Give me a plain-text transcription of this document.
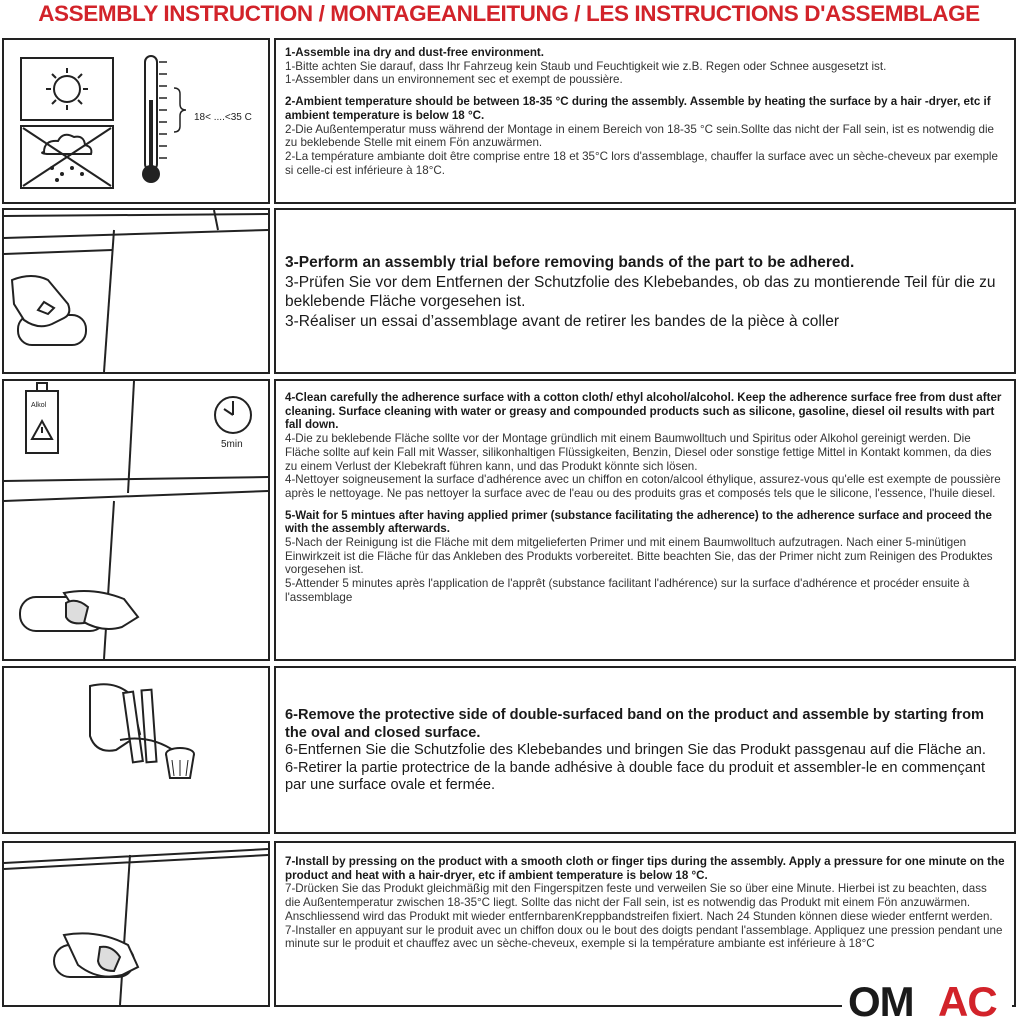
ASSEMBLY INSTRUCTION / MONTAGEANLEITUNG / LES INSTRUCTIONS D'ASSEMBLAGE
18< ....<35 C

1-Assemble ina dry and dust-free environment.

1-Bitte achten Sie darauf, dass Ihr Fahrzeug kein Staub und Feuchtigkeit wie z.B. Regen oder Schnee ausgesetzt ist.

1-Assembler dans un environnement sec et exempt de poussière.

2-Ambient temperature should be between 18-35 °C during the assembly. Assemble by heating the surface by a hair -dryer, etc if ambient temperature is below 18 °C.

2-Die Außentemperatur muss während der Montage in einem Bereich von 18-35 °C sein.Sollte das nicht der Fall sein, ist es notwendig die zu beklebende Stelle mit einem Fön anzuwärmen.

2-La température ambiante doit être comprise entre 18 et 35°C lors d'assemblage, chauffer la surface avec un sèche-cheveux par exemple si celle-ci est inférieure à 18°C.

3-Perform an assembly trial before removing bands of the part to be adhered.

3-Prüfen Sie vor dem Entfernen der Schutzfolie des Klebebandes, ob das zu montierende Teil für die zu beklebende Fläche vorgesehen ist.

3-Réaliser un essai d’assemblage avant de retirer les bandes de la pièce à coller

Alkol
5min

4-Clean carefully the adherence surface with a cotton cloth/ ethyl alcohol/alcohol. Keep the adherence surface free from dust after cleaning. Surface cleaning with water or greasy and compounded products such as silicone, gasoline, diesel oil results with part fall down.

4-Die zu beklebende Fläche sollte vor der Montage gründlich mit einem Baumwolltuch und Spiritus oder Alkohol gereinigt werden. Die Fläche sollte auf kein Fall mit Wasser, silikonhaltigen Flüssigkeiten, Benzin, Diesel oder sonstige fettige Mittel in Kontakt kommen, da dies zu einem Verlust der Klebekraft führen kann, und das Produkt könnte sich lösen.

4-Nettoyer soigneusement la surface d'adhérence avec un chiffon en coton/alcool éthylique, assurez-vous qu'elle est exempte de poussière après le nettoyage. Ne pas nettoyer la surface avec de l'eau ou des produits gras et composés tels que le silicone, l'essence, l'huile diesel.

5-Wait for 5 mintues after having applied primer (substance facilitating the adherence) to the adherence surface and proceed the with the assembly afterwards.

5-Nach der Reinigung ist die Fläche mit dem mitgelieferten Primer und mit einem Baumwolltuch aufzutragen. Nach einer 5-minütigen Einwirkzeit ist die Fläche für das Ankleben des Produkts vorbereitet. Bitte beachten Sie, das der Primer nicht zum Reinigen des Produktes vorgesehen ist.

5-Attender 5 minutes après l'application de l'apprêt (substance facilitant l'adhérence) sur la surface d'adhérence et procéder ensuite à l'assemblage

6-Remove the protective side of double-surfaced band on the product and assemble by starting from the oval and closed surface.

6-Entfernen Sie die Schutzfolie des Klebebandes und bringen Sie das Produkt passgenau auf die Fläche an.

6-Retirer la partie protectrice de la bande adhésive à double face du produit et assembler-le en commençant par une surface ovale et fermée.

7-Install by pressing on the product with a smooth cloth or finger tips during the assembly. Apply a pressure for one minute on the product and heat with a hair-dryer, etc if ambient temperature is below 18 °C.

7-Drücken Sie das Produkt gleichmäßig mit den Fingerspitzen feste und verweilen Sie so über eine Minute. Hierbei ist zu beachten, dass die Außentemperatur zwischen 18-35°C liegt. Sollte das nicht der Fall sein, ist es notwendig das Produkt mit einem Fön anzuwärmen. Anschliessend wird das Produkt mit wieder entfernbarenKreppbandstreifen fixiert. Nach 24 Stunden können diese wieder entfernt werden.

7-Installer en appuyant sur le produit avec un chiffon doux ou le bout des doigts pendant l'assemblage. Appliquez une pression pendant une minute sur le produit et chauffez avec un sèche-cheveux, exemple si la température ambiante est inférieure à 18°C

OM AC
